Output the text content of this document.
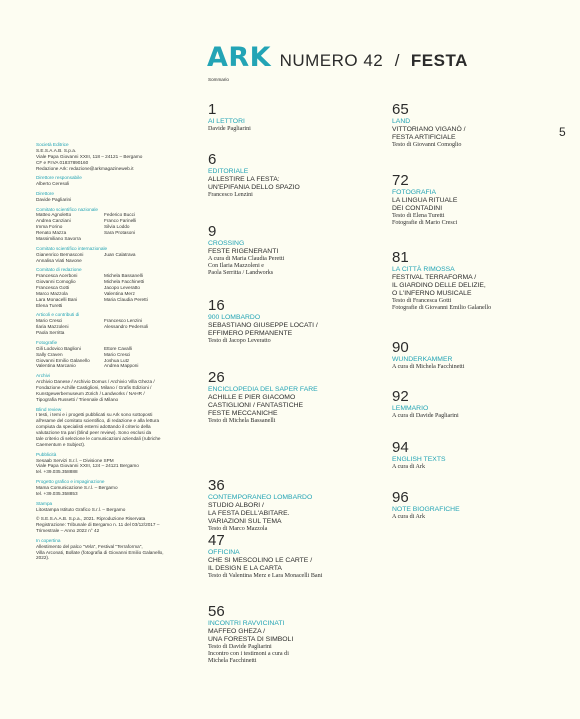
ARK NUMERO 42 / FESTA
Sommario
5
Società Editrice
S.E.S.A.A.B. S.p.a.
Viale Papa Giovanni XXIII, 118 – 24121 – Bergamo
CF e P.IVA 01837890160
Redazione Ark: redazione@arkmagazineweb.it
Direttore responsabile
Alberto Ceresoli
Direttore
Davide Pagliarini
Comitato scientifico nazionale
Matteo Agnoletto
Andrea Canziani
Imma Forino
Renato Mazza
Massimiliano Savorra
Federico Bucci
Franco Farinelli
Silvia Loddo
Sara Protasoni
Comitato scientifico internazionale
Gianenrico Bernasconi
Annalisa Viati Navone
Juan Calatrava
Comitato di redazione
Francesca Acerboni
Giovanni Comoglio
Francesca Gotti
Marco Mazzola
Lara Monacelli Bani
Elena Turetti
Michela Bassanelli
Michela Facchinetti
Jacopo Leveratto
Valentina Merz
Maria Claudia Peretti
Articoli e contributi di
Mario Cresci
Ilaria Mazzoleni
Paola Serritta
Francesco Lenzini
Alessandro Pedersoli
Fotografie
Gili Lodovico Baglioni
Sally Craven
Giovanni Emilio Galanello
Valentina Marcanio
Ettore Cavalli
Mario Cresci
Joshua Lutz
Andrea Mapponi
Archivi
Archivio Danese / Archivio Domus / Archivio Villa Gheza /
Fondazione Achille Castiglioni, Milano / Grafis Edizioni /
Kunstgewerbemuseum Zürich / Landworks / NAHR /
Tipografia Russetti / Triennale di Milano
Blind review
I testi, i temi e i progetti pubblicati su Ark sono sottoposti
all'esame del comitato scientifico, di redazione e alla lettura
compiuta da specialisti esterni adottando il criterio della
valutazione tra pari (blind peer review). Sono esclusi da
tale criterio di selezione le comunicazioni aziendali (rubriche
Caementum e Subject).
Pubblicità
Sesaab Servizi S.r.l. – Divisione SPM
Viale Papa Giovanni XXIII, 124 – 24121 Bergamo
tel. +39.035.358888
Progetto grafico e impaginazione
Mama Comunicazione S.r.l. – Bergamo
tel. +39.035.358853
Stampa
Litostampa Istituto Grafico S.r.l. – Bergamo
© S.E.S.A.A.B. S.p.a., 2021. Riproduzione Riservata
Registrazione: Tribunale di Bergamo n. 11 del 03/12/2017 –
Trimestrale – Anno 2022 n° 42
In copertina
Allestimento del palco "Vela", Festival "Terraforma",
Villa Arconati, Bollate (fotografia di Giovanni Emilio Galanello,
2022).
1
AI LETTORI
Davide Pagliarini
6
EDITORIALE
ALLESTIRE LA FESTA:
UN'EPIFANIA DELLO SPAZIO
Francesco Lenzini
9
CROSSING
FESTE RIGENERANTI
A cura di Maria Claudia Peretti
Con Ilaria Mazzoleni e
Paola Serritta / Landworks
16
900 LOMBARDO
SEBASTIANO GIUSEPPE LOCATI /
EFFIMERO PERMANENTE
Testo di Jacopo Leveratto
26
ENCICLOPEDIA DEL SAPER FARE
ACHILLE E PIER GIACOMO
CASTIGLIONI / FANTASTICHE
FESTE MECCANICHE
Testo di Michela Bassanelli
36
CONTEMPORANEO LOMBARDO
STUDIO ALBORI /
LA FESTA DELL'ABITARE.
VARIAZIONI SUL TEMA
Testo di Marco Mazzola
47
OFFICINA
CHE SI MESCOLINO LE CARTE /
IL DESIGN E LA CARTA
Testo di Valentina Merz e Lara Monacelli Bani
56
INCONTRI RAVVICINATI
MAFFEO GHEZA /
UNA FORESTA DI SIMBOLI
Testo di Davide Pagliarini
Incontro con i testimoni a cura di
Michela Facchinetti
65
LAND
VITTORIANO VIGANÒ /
FESTA ARTIFICIALE
Testo di Giovanni Comoglio
72
FOTOGRAFIA
LA LINGUA RITUALE
DEI CONTADINI
Testo di Elena Turetti
Fotografie di Mario Cresci
81
LA CITTÀ RIMOSSA
FESTIVAL TERRAFORMA /
IL GIARDINO DELLE DELIZIE,
O L'INFERNO MUSICALE
Testo di Francesca Gotti
Fotografie di Giovanni Emilio Galanello
90
WUNDERKAMMER
A cura di Michela Facchinetti
92
LEMMARIO
A cura di Davide Pagliarini
94
ENGLISH TEXTS
A cura di Ark
96
NOTE BIOGRAFICHE
A cura di Ark
